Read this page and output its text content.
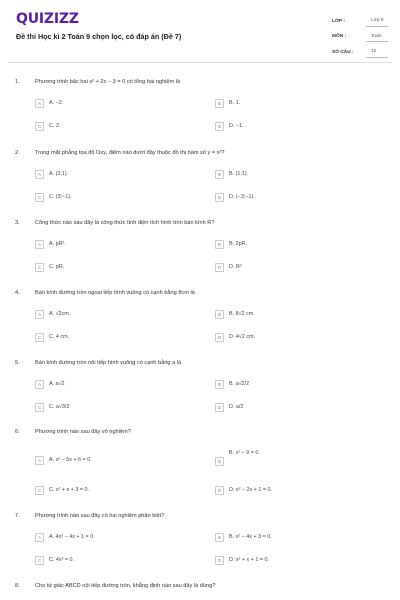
QUIZIZZ
Đề thi Học kì 2 Toán 9 chọn lọc, có đáp án (Đề 7)
LỚP :	Lớp 9
MÔN :	Toán
SỐ CÂU :	12
1.	Phương trình bậc hai x² + 2x − 3 = 0 có tổng hai nghiệm là
A	A. −2.	B	B. 1.
C	C. 2.	D	D. −1.
2.	Trong mặt phẳng tọa độ Oxy, điểm nào dưới đây thuộc đồ thị hàm số y = x²?
A	A. (3;1).	B	B. (1;1).
C	C. (3;−1).	D	D. (−3;−1).
3.	Công thức nào sau đây là công thức tính diện tích hình tròn bán kính R?
A	A. pR².	B	B. 2pR.
C	C. pR.	D	D. R²
4.	Bán kính đường tròn ngoại tiếp hình vuông có cạnh bằng 8cm là
A	A. √2cm.	B	B. 8√2 cm.
C	C. 4 cm.	D	D. 4√2 cm.
5.	Bán kính đường tròn nội tiếp hình vuông có cạnh bằng a là
A	A. a√2	B	B. a√2/2
C	C. a√3/2	D	D. a/2
6.	Phương trình nào sau đây vô nghiệm?
A	A. x² − 5x + 6 = 0.
B. x² − 9 = 0.
B
C	C. x² + x + 3 = 0.	D	D. x² − 2x + 1 = 0.
7.	Phương trình nào sau đây có hai nghiệm phân biệt?
A	A. 4x² − 4x + 1 = 0.	B	B. x² − 4x + 3 = 0.
C	C. 4x² = 0.	D	D. x² + x + 1 = 0.
8.	Cho tứ giác ABCD nội tiếp đường tròn, khẳng định nào sau đây là đúng?
